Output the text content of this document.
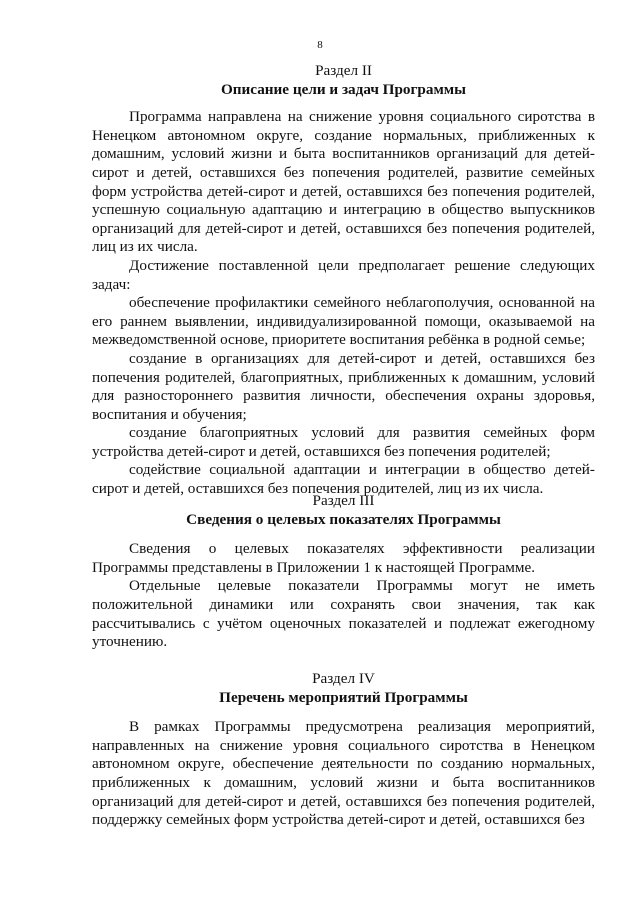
8
Раздел II
Описание цели и задач Программы

Программа направлена на снижение уровня социального сиротства в Ненецком автономном округе, создание нормальных, приближенных к домашним, условий жизни и быта воспитанников организаций для детей-сирот и детей, оставшихся без попечения родителей, развитие семейных форм устройства детей-сирот и детей, оставшихся без попечения родителей, успешную социальную адаптацию и интеграцию в общество выпускников организаций для детей-сирот и детей, оставшихся без попечения родителей, лиц из их числа.

Достижение поставленной цели предполагает решение следующих задач:

обеспечение профилактики семейного неблагополучия, основанной на его раннем выявлении, индивидуализированной помощи, оказываемой на межведомственной основе, приоритете воспитания ребёнка в родной семье;

создание в организациях для детей-сирот и детей, оставшихся без попечения родителей, благоприятных, приближенных к домашним, условий для разностороннего развития личности, обеспечения охраны здоровья, воспитания и обучения;

создание благоприятных условий для развития семейных форм устройства детей-сирот и детей, оставшихся без попечения родителей;

содействие социальной адаптации и интеграции в общество детей-сирот и детей, оставшихся без попечения родителей, лиц из их числа.

Раздел III
Сведения о целевых показателях Программы

Сведения о целевых показателях эффективности реализации Программы представлены в Приложении 1 к настоящей Программе.

Отдельные целевые показатели Программы могут не иметь положительной динамики или сохранять свои значения, так как рассчитывались с учётом оценочных показателей и подлежат ежегодному уточнению.

Раздел IV
Перечень мероприятий Программы

В рамках Программы предусмотрена реализация мероприятий, направленных на снижение уровня социального сиротства в Ненецком автономном округе, обеспечение деятельности по созданию нормальных, приближенных к домашним, условий жизни и быта воспитанников организаций для детей-сирот и детей, оставшихся без попечения родителей, поддержку семейных форм устройства детей-сирот и детей, оставшихся без
